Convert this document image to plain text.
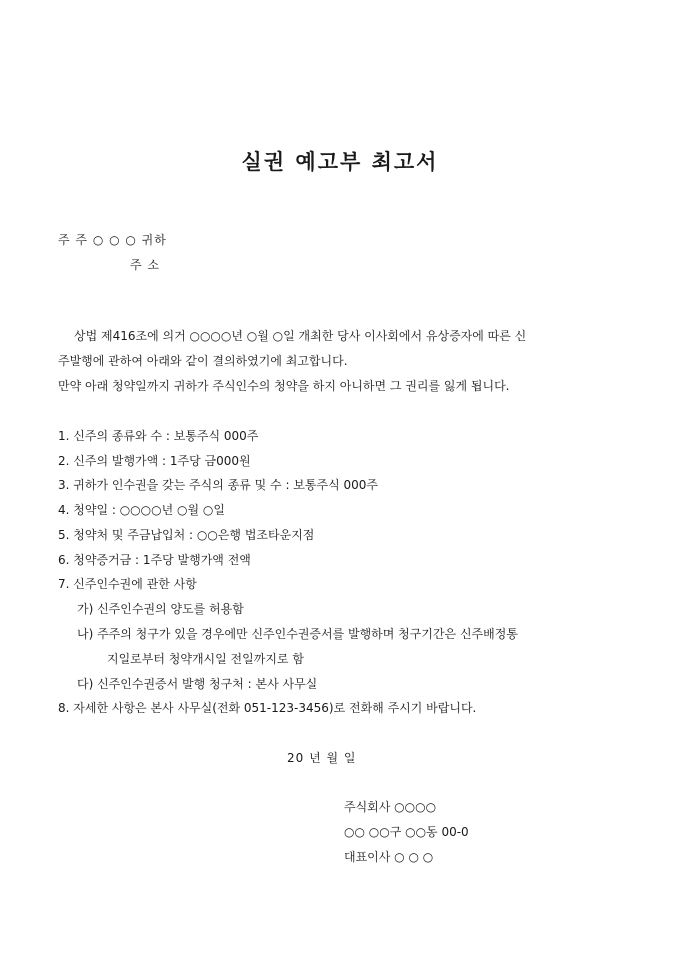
실권 예고부 최고서
주 주 ○ ○ ○ 귀하
주 소
상법 제416조에 의거 ○○○○년 ○월 ○일 개최한 당사 이사회에서 유상증자에 따른 신
주발행에 관하여 아래와 같이 결의하였기에 최고합니다.
만약 아래 청약일까지 귀하가 주식인수의 청약을 하지 아니하면 그 권리를 잃게 됩니다.
1. 신주의 종류와 수 : 보통주식 000주
2. 신주의 발행가액 : 1주당 금000원
3. 귀하가 인수권을 갖는 주식의 종류 및 수 : 보통주식 000주
4. 청약일 : ○○○○년 ○월 ○일
5. 청약처 및 주금납입처 : ○○은행 법조타운지점
6. 청약증거금 : 1주당 발행가액 전액
7. 신주인수권에 관한 사항
가) 신주인수권의 양도를 허용함
나) 주주의 청구가 있을 경우에만 신주인수권증서를 발행하며 청구기간은 신주배정통
지일로부터 청약개시일 전일까지로 함
다) 신주인수권증서 발행 청구처 : 본사 사무실
8. 자세한 사항은 본사 사무실(전화 051-123-3456)로 전화해 주시기 바랍니다.
20 년 월 일
주식회사 ○○○○
○○ ○○구 ○○동 00-0
대표이사 ○ ○ ○
